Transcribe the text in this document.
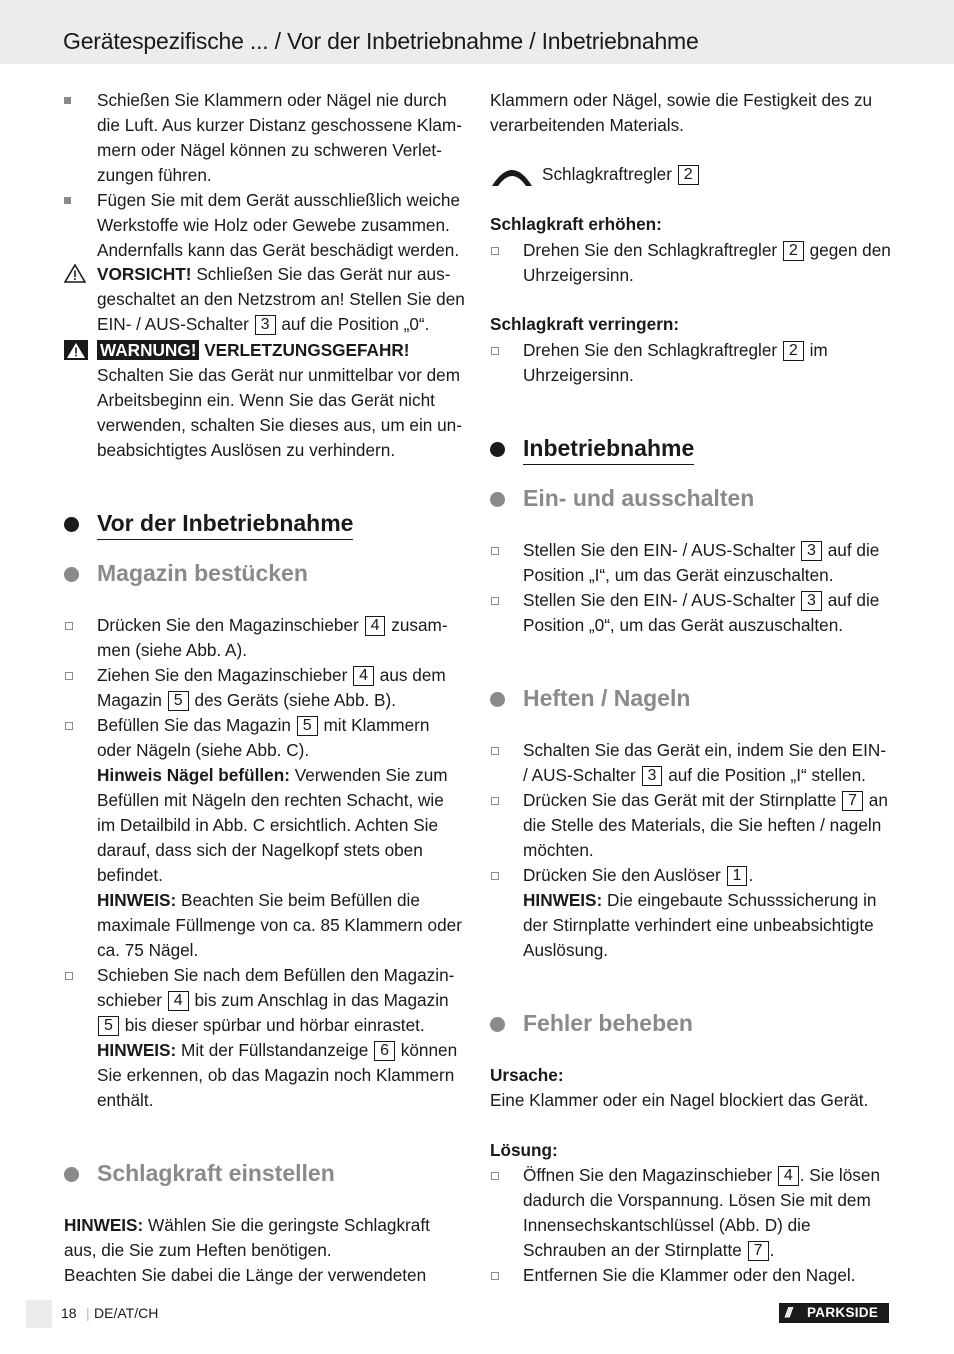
Gerätespezifische ... / Vor der Inbetriebnahme / Inbetriebnahme
Schießen Sie Klammern oder Nägel nie durch die Luft. Aus kurzer Distanz geschossene Klam-mern oder Nägel können zu schweren Verlet-zungen führen.
Fügen Sie mit dem Gerät ausschließlich weiche Werkstoffe wie Holz oder Gewebe zusammen. Andernfalls kann das Gerät beschädigt werden.
VORSICHT! Schließen Sie das Gerät nur aus-geschaltet an den Netzstrom an! Stellen Sie den EIN- / AUS-Schalter 3 auf die Position „0“.
WARNUNG! VERLETZUNGSGEFAHR!
Schalten Sie das Gerät nur unmittelbar vor dem Arbeitsbeginn ein. Wenn Sie das Gerät nicht verwenden, schalten Sie dieses aus, um ein un-beabsichtigtes Auslösen zu verhindern.
Vor der Inbetriebnahme
Magazin bestücken
Drücken Sie den Magazinschieber 4 zusam-men (siehe Abb. A).
Ziehen Sie den Magazinschieber 4 aus dem Magazin 5 des Geräts (siehe Abb. B).
Befüllen Sie das Magazin 5 mit Klammern oder Nägeln (siehe Abb. C).
Hinweis Nägel befüllen: Verwenden Sie zum Befüllen mit Nägeln den rechten Schacht, wie im Detailbild in Abb. C ersichtlich. Achten Sie darauf, dass sich der Nagelkopf stets oben befindet.
HINWEIS: Beachten Sie beim Befüllen die maximale Füllmenge von ca. 85 Klammern oder ca. 75 Nägel.
Schieben Sie nach dem Befüllen den Magazin-schieber 4 bis zum Anschlag in das Magazin 5 bis dieser spürbar und hörbar einrastet.
HINWEIS: Mit der Füllstandanzeige 6 können Sie erkennen, ob das Magazin noch Klammern enthält.
Schlagkraft einstellen

HINWEIS: Wählen Sie die geringste Schlagkraft aus, die Sie zum Heften benötigen.
Beachten Sie dabei die Länge der verwendeten

Klammern oder Nägel, sowie die Festigkeit des zu verarbeitenden Materials.

Schlagkraftregler 2

Schlagkraft erhöhen:

Drehen Sie den Schlagkraftregler 2 gegen den Uhrzeigersinn.

Schlagkraft verringern:

Drehen Sie den Schlagkraftregler 2 im Uhrzeigersinn.
Inbetriebnahme
Ein- und ausschalten
Stellen Sie den EIN- / AUS-Schalter 3 auf die Position „I“, um das Gerät einzuschalten.
Stellen Sie den EIN- / AUS-Schalter 3 auf die Position „0“, um das Gerät auszuschalten.
Heften / Nageln
Schalten Sie das Gerät ein, indem Sie den EIN- / AUS-Schalter 3 auf die Position „I“ stellen.
Drücken Sie das Gerät mit der Stirnplatte 7 an die Stelle des Materials, die Sie heften / nageln möchten.
Drücken Sie den Auslöser 1 .
HINWEIS: Die eingebaute Schusssicherung in der Stirnplatte verhindert eine unbeabsichtigte Auslösung.
Fehler beheben

Ursache:

Eine Klammer oder ein Nagel blockiert das Gerät.

Lösung:

Öffnen Sie den Magazinschieber 4 . Sie lösen dadurch die Vorspannung. Lösen Sie mit dem Innensechskantschlüssel (Abb. D) die Schrauben an der Stirnplatte 7 .
Entfernen Sie die Klammer oder den Nagel.
18 | DE/AT/CH	/// PARKSIDE
